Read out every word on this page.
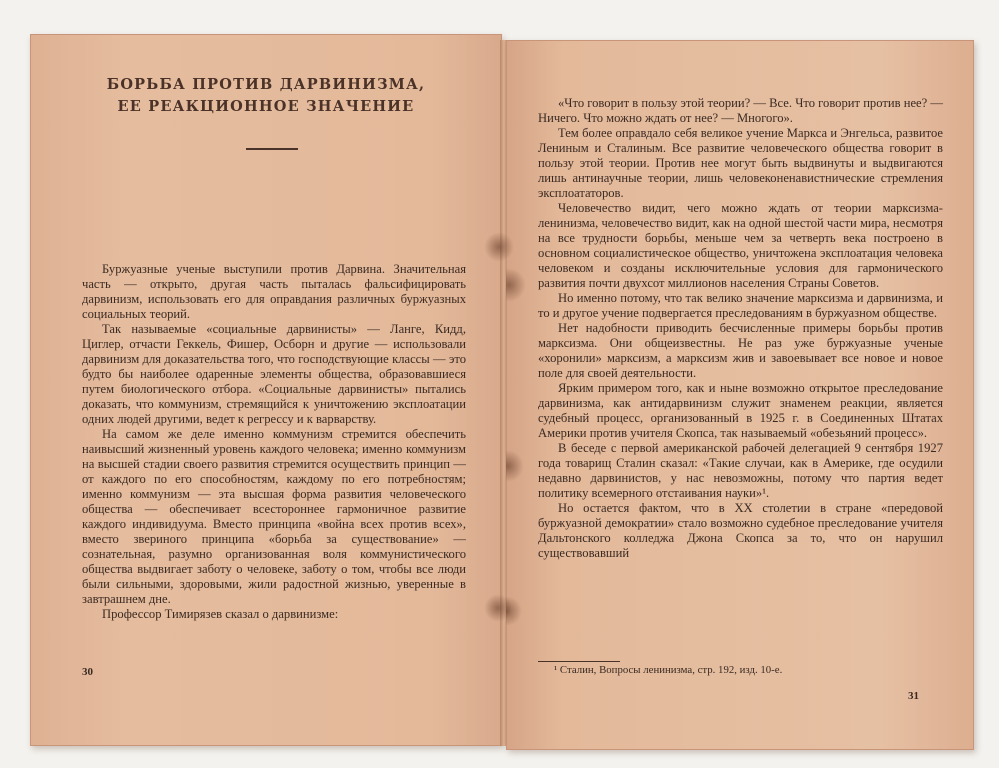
БОРЬБА ПРОТИВ ДАРВИНИЗМА,
ЕЕ РЕАКЦИОННОЕ ЗНАЧЕНИЕ

Буржуазные ученые выступили против Дарвина. Значительная часть — открыто, другая часть пыталась фальсифицировать дарвинизм, использовать его для оправдания различных буржуазных социальных теорий.

Так называемые «социальные дарвинисты» — Ланге, Кидд, Циглер, отчасти Геккель, Фишер, Осборн и другие — использовали дарвинизм для доказательства того, что господствующие классы — это будто бы наиболее одаренные элементы общества, образовавшиеся путем биологического отбора. «Социальные дарвинисты» пытались доказать, что коммунизм, стремящийся к уничтожению эксплоатации одних людей другими, ведет к регрессу и к варварству.

На самом же деле именно коммунизм стремится обеспечить наивысший жизненный уровень каждого человека; именно коммунизм на высшей стадии своего развития стремится осуществить принцип — от каждого по его способностям, каждому по его потребностям; именно коммунизм — эта высшая форма развития человеческого общества — обеспечивает всестороннее гармоничное развитие каждого индивидуума. Вместо принципа «война всех против всех», вместо звериного принципа «борьба за существование» — сознательная, разумно организованная воля коммунистического общества выдвигает заботу о человеке, заботу о том, чтобы все люди были сильными, здоровыми, жили радостной жизнью, уверенные в завтрашнем дне.

Профессор Тимирязев сказал о дарвинизме:

30

«Что говорит в пользу этой теории? — Все. Что говорит против нее? — Ничего. Что можно ждать от нее? — Многого».

Тем более оправдало себя великое учение Маркса и Энгельса, развитое Лениным и Сталиным. Все развитие человеческого общества говорит в пользу этой теории. Против нее могут быть выдвинуты и выдвигаются лишь антинаучные теории, лишь человеконенавистнические стремления эксплоататоров.

Человечество видит, чего можно ждать от теории марксизма-ленинизма, человечество видит, как на одной шестой части мира, несмотря на все трудности борьбы, меньше чем за четверть века построено в основном социалистическое общество, уничтожена эксплоатация человека человеком и созданы исключительные условия для гармонического развития почти двухсот миллионов населения Страны Советов.

Но именно потому, что так велико значение марксизма и дарвинизма, и то и другое учение подвергается преследованиям в буржуазном обществе.

Нет надобности приводить бесчисленные примеры борьбы против марксизма. Они общеизвестны. Не раз уже буржуазные ученые «хоронили» марксизм, а марксизм жив и завоевывает все новое и новое поле для своей деятельности.

Ярким примером того, как и ныне возможно открытое преследование дарвинизма, как антидарвинизм служит знаменем реакции, является судебный процесс, организованный в 1925 г. в Соединенных Штатах Америки против учителя Скопса, так называемый «обезьяний процесс».

В беседе с первой американской рабочей делегацией 9 сентября 1927 года товарищ Сталин сказал: «Такие случаи, как в Америке, где осудили недавно дарвинистов, у нас невозможны, потому что партия ведет политику всемерного отстаивания науки»¹.

Но остается фактом, что в XX столетии в стране «передовой буржуазной демократии» стало возможно судебное преследование учителя Дальтонского колледжа Джона Скопса за то, что он нарушил существовавший

¹ Сталин, Вопросы ленинизма, стр. 192, изд. 10-е.
31
